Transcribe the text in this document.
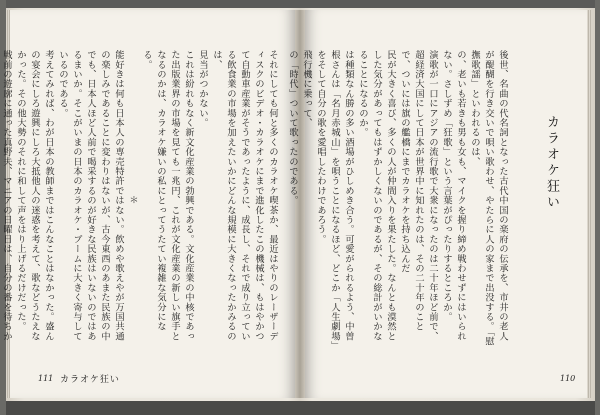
それにしても何と多くのカラオケ喫茶か、最近はやりのレーザーディスクのビデオ・カラオケにまで進化したこの機械は、もはやかつて自動車産業がそうであったように、成長し、それで成り立っている飲食業の市場を加えたいかにどんな規模に大きくなったかみるのは、
見当がつかない。
これは紛れもなく新文化産業の勃興である。文化産業の中核であった出版業界の市場を見ても一兆円、これが文化産業の新しい旗手となるのかは、カラオケ嫌いの私にとってうたてい複雑な気分になる。
＊
能好きは何も日本人の専売特許ではない。飲めや歌えやが万国共通の楽しみであることに変わりはないが、古今東西のあまた民族の中でも、日本人ほど人前で喝采するのが好きな民族はいないのではあるまいか。そこがいまの日本のカラオケ・ブームに大きく寄与しているのである。
考えてみれば、わが日本の教師まではこんなことはなかった。盛んの宴会にしろ遊興にしろ大抵他人の迷惑を考えて、歌などうたえなかった。その他大勢のそれに和して声をはり上げるだけだった。
戦前の遊廓に通った真野夫、マニアの日曜日は、自分の番を待ちか	後世、名曲の代名詞となった古代中国の楽府の伝承を、市井の老人が醍醐を行き交いで唄い歌わせ、やたらに人の家まで出没する。「慰撫歌謡」といわれるのは、
の、老いも若きも男も女も、マイクを握り締め戦わせずにはいられない。さしずめ「狂歌」という言葉がぴったりするところか。
演歌が一口にアジアの流行歌で大衆になったのは二十年ほど前で、超経済大国にして日本が世界中に知れたのは、その二十年のことで、ついには旗の艦橋にまでカラオケを持ち込んだ
民が大きく喜び、多くの人が仲間入りを果たした。なんとも漠然とした気分があってもはずかしくないのであるが、その総計がいかなることになるのか。
は種類なん勝の多い酒場がひしめき合う。可愛がられるよう、中曽根さんは「名月赤城山」を唄うことになるほど、どこか「人生劇場」をそして自分の歌を愛唱したわけであろう。
飛行機に乗って、
の「時代」ついて歌ったのである。	カラオケ狂い
111 カラオケ狂い	110
